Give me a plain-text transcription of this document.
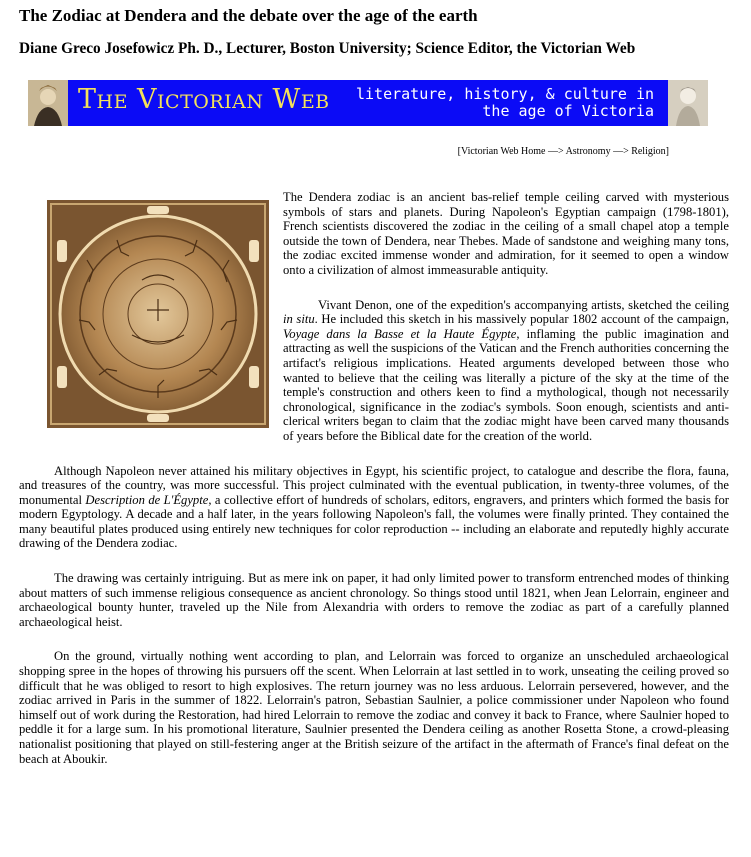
The Zodiac at Dendera and the debate over the age of the earth
Diane Greco Josefowicz Ph. D., Lecturer, Boston University; Science Editor, the Victorian Web
The Victorian Web	literature, history, & culture in
the age of Victoria
[Victorian Web Home —> Astronomy —> Religion]

The Dendera zodiac is an ancient bas-relief temple ceiling carved with mysterious symbols of stars and planets. During Napoleon's Egyptian campaign (1798-1801), French scientists discovered the zodiac in the ceiling of a small chapel atop a temple outside the town of Dendera, near Thebes. Made of sandstone and weighing many tons, the zodiac excited immense wonder and admiration, for it seemed to open a window onto a civilization of almost immeasurable antiquity.

Vivant Denon, one of the expedition's accompanying artists, sketched the ceiling in situ. He included this sketch in his massively popular 1802 account of the campaign, Voyage dans la Basse et la Haute Égypte, inflaming the public imagination and attracting as well the suspicions of the Vatican and the French authorities concerning the artifact's religious implications. Heated arguments developed between those who wanted to believe that the ceiling was literally a picture of the sky at the time of the temple's construction and others keen to find a mythological, though not necessarily chronological, significance in the zodiac's symbols. Soon enough, scientists and anti-clerical writers began to claim that the zodiac might have been carved many thousands of years before the Biblical date for the creation of the world.

Although Napoleon never attained his military objectives in Egypt, his scientific project, to catalogue and describe the flora, fauna, and treasures of the country, was more successful. This project culminated with the eventual publication, in twenty-three volumes, of the monumental Description de L'Égypte, a collective effort of hundreds of scholars, editors, engravers, and printers which formed the basis for modern Egyptology. A decade and a half later, in the years following Napoleon's fall, the volumes were finally printed. They contained the many beautiful plates produced using entirely new techniques for color reproduction -- including an elaborate and reputedly highly accurate drawing of the Dendera zodiac.

The drawing was certainly intriguing. But as mere ink on paper, it had only limited power to transform entrenched modes of thinking about matters of such immense religious consequence as ancient chronology. So things stood until 1821, when Jean Lelorrain, engineer and archaeological bounty hunter, traveled up the Nile from Alexandria with orders to remove the zodiac as part of a carefully planned archaeological heist.

On the ground, virtually nothing went according to plan, and Lelorrain was forced to organize an unscheduled archaeological shopping spree in the hopes of throwing his pursuers off the scent. When Lelorrain at last settled in to work, unseating the ceiling proved so difficult that he was obliged to resort to high explosives. The return journey was no less arduous. Lelorrain persevered, however, and the zodiac arrived in Paris in the summer of 1822. Lelorrain's patron, Sebastian Saulnier, a police commissioner under Napoleon who found himself out of work during the Restoration, had hired Lelorrain to remove the zodiac and convey it back to France, where Saulnier hoped to peddle it for a large sum. In his promotional literature, Saulnier presented the Dendera ceiling as another Rosetta Stone, a crowd-pleasing nationalist positioning that played on still-festering anger at the British seizure of the artifact in the aftermath of France's final defeat on the beach at Aboukir.
